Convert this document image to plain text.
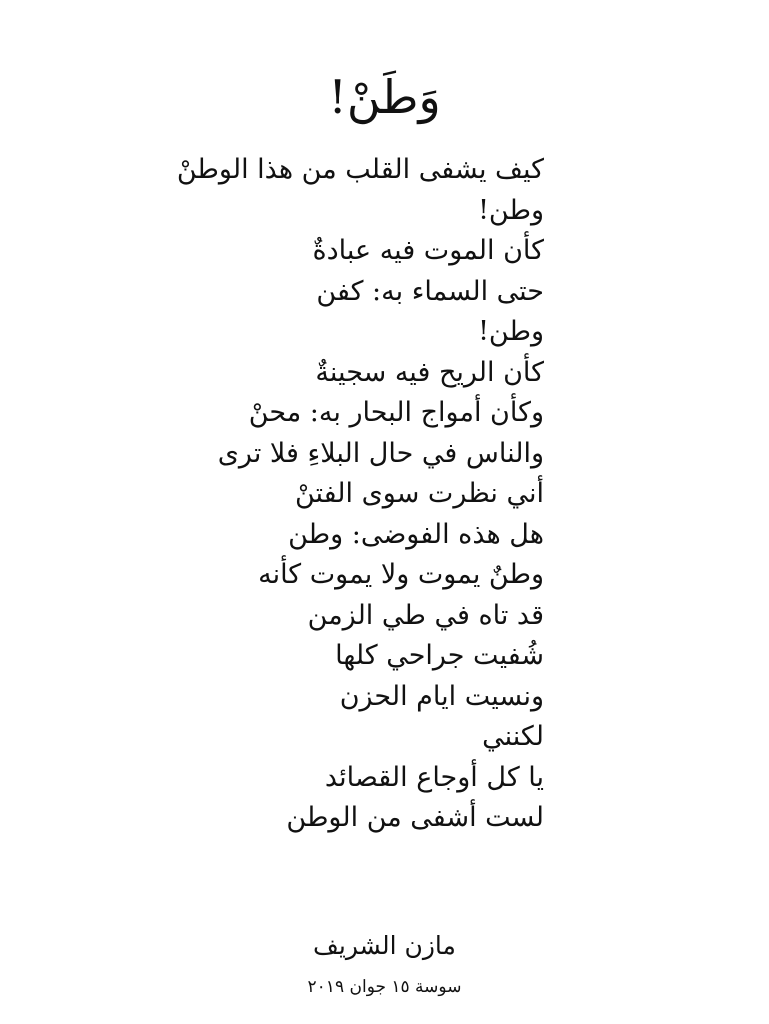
وَطَنْ!
كيف يشفى القلب من هذا الوطنْ
وطن!
كأن الموت فيه عبادةٌ
حتى السماء به: كفن
وطن!
كأن الريح فيه سجينةٌ
وكأن أمواج البحار به: محنْ
والناس في حال البلاءِ فلا ترى
أني نظرت سوى الفتنْ
هل هذه الفوضى: وطن
وطنٌ يموت ولا يموت كأنه
قد تاه في طي الزمن
شُفيت جراحي كلها
ونسيت ايام الحزن
لكنني
يا كل أوجاع القصائد
لست أشفى من الوطن
مازن الشريف
سوسة ١٥ جوان ٢٠١٩
